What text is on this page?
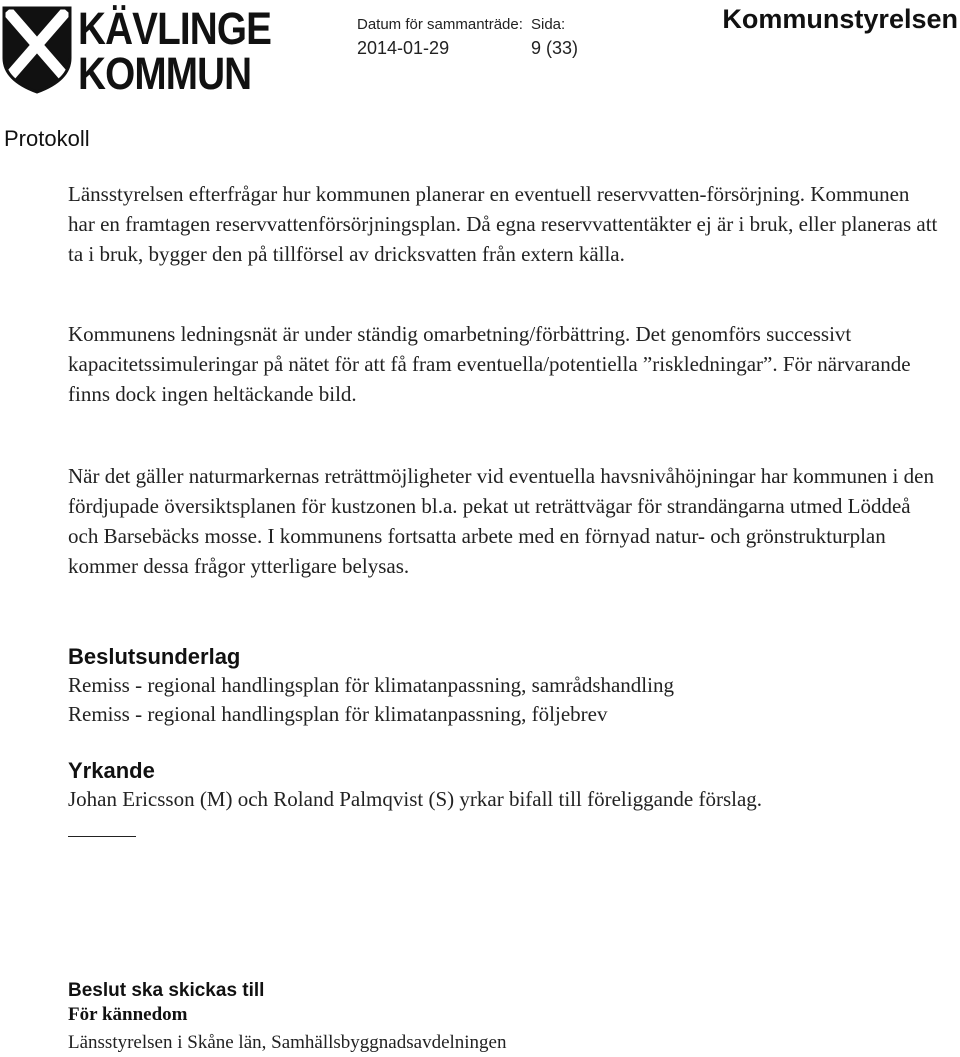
KÄVLINGE
KOMMUN
Datum för sammanträde: Sida:
2014-01-29	9 (33)
Kommunstyrelsen
Protokoll

Länsstyrelsen efterfrågar hur kommunen planerar en eventuell reservvatten-försörjning. Kommunen har en framtagen reservvattenförsörjningsplan. Då egna reservvattentäkter ej är i bruk, eller planeras att ta i bruk, bygger den på tillförsel av dricksvatten från extern källa.

Kommunens ledningsnät är under ständig omarbetning/förbättring. Det genomförs successivt kapacitetssimuleringar på nätet för att få fram eventuella/potentiella ”riskledningar”. För närvarande finns dock ingen heltäckande bild.

När det gäller naturmarkernas reträttmöjligheter vid eventuella havsnivåhöjningar har kommunen i den fördjupade översiktsplanen för kustzonen bl.a. pekat ut reträttvägar för strandängarna utmed Löddeå och Barsebäcks mosse. I kommunens fortsatta arbete med en förnyad natur- och grönstrukturplan kommer dessa frågor ytterligare belysas.

Beslutsunderlag

Remiss - regional handlingsplan för klimatanpassning, samrådshandling

Remiss - regional handlingsplan för klimatanpassning, följebrev

Yrkande

Johan Ericsson (M) och Roland Palmqvist (S) yrkar bifall till föreliggande förslag.

Beslut ska skickas till
För kännedom
Länsstyrelsen i Skåne län, Samhällsbyggnadsavdelningen
